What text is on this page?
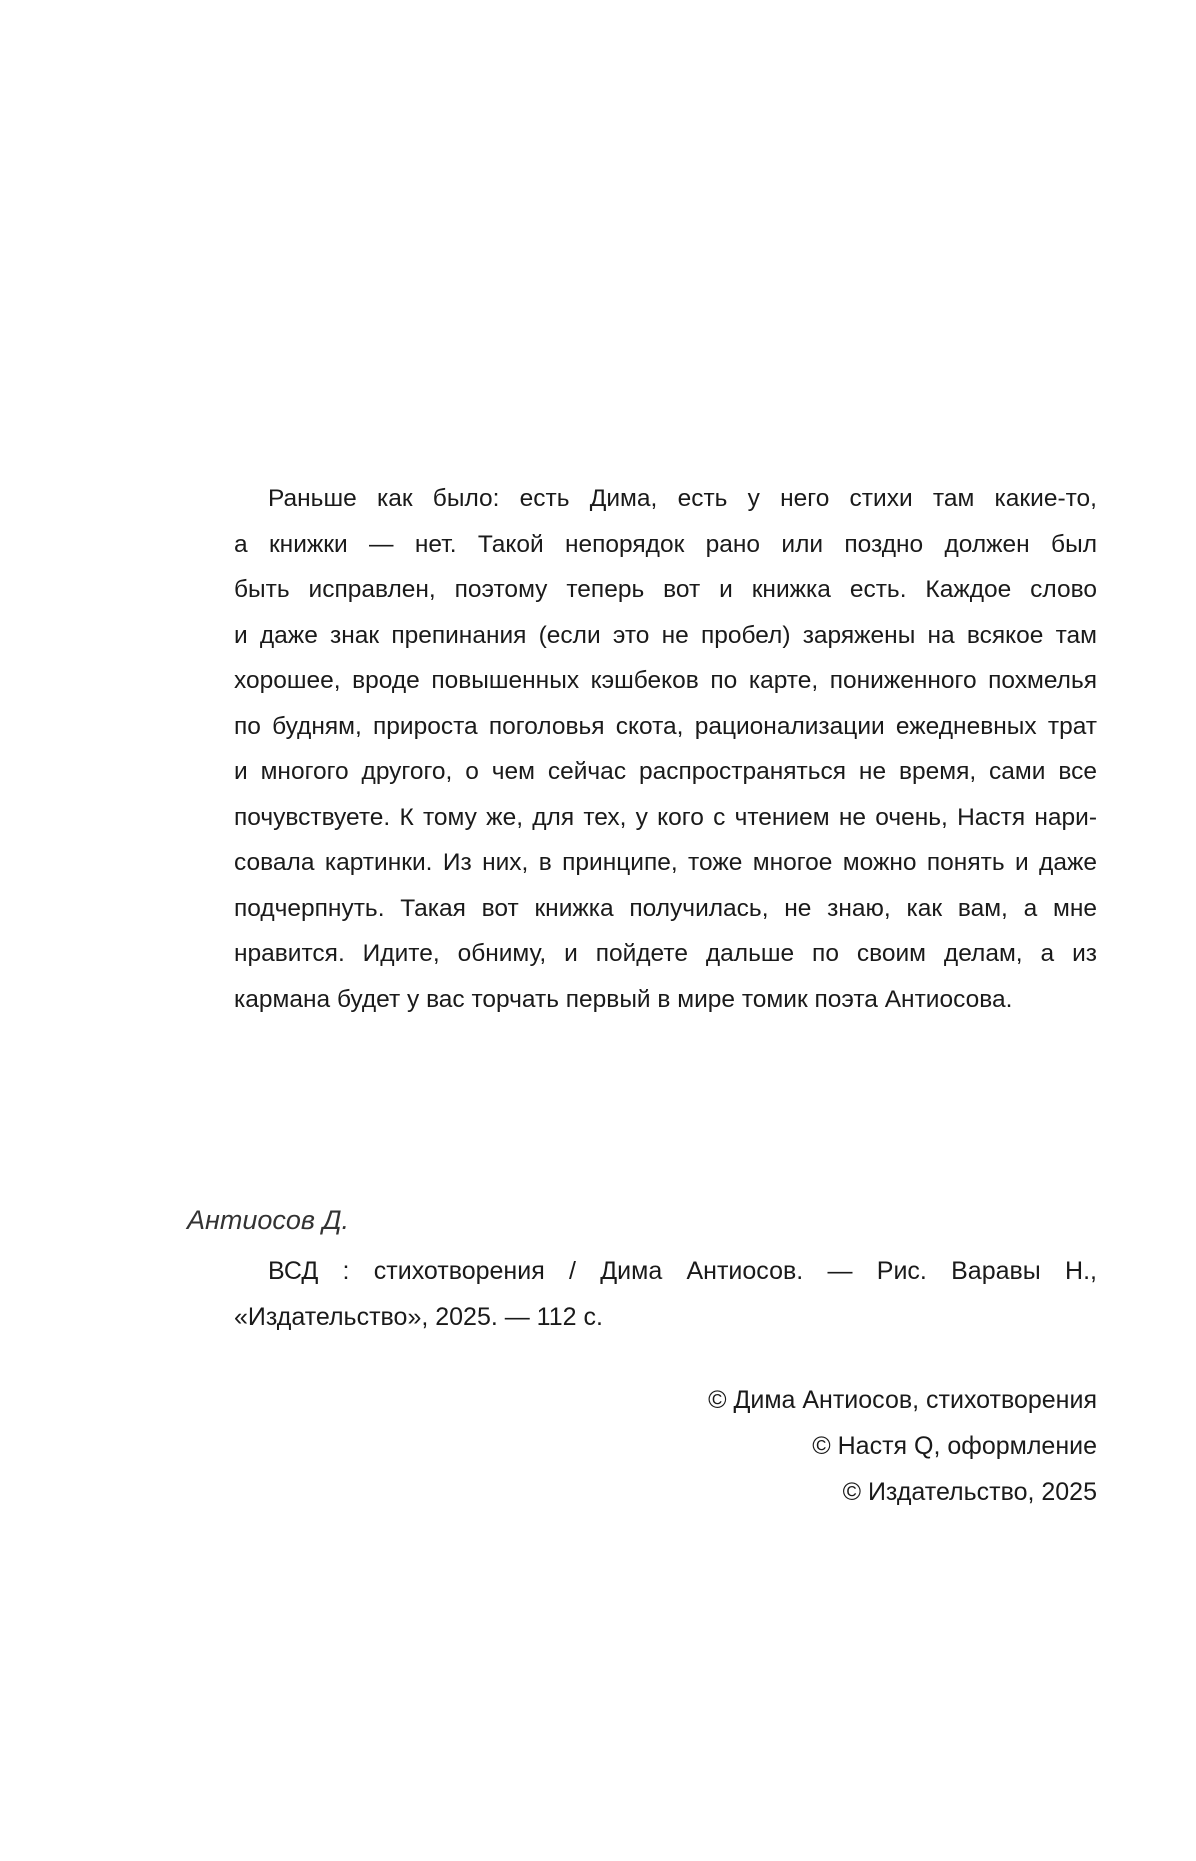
Раньше как было: есть Дима, есть у него стихи там какие-то,
а книжки — нет. Такой непорядок рано или поздно должен был
быть исправлен, поэтому теперь вот и книжка есть. Каждое слово
и даже знак препинания (если это не пробел) заряжены на всякое там
хорошее, вроде повышенных кэшбеков по карте, пониженного похмелья
по будням, прироста поголовья скота, рационализации ежедневных трат
и многого другого, о чем сейчас распространяться не время, сами все
почувствуете. К тому же, для тех, у кого с чтением не очень, Настя нари-
совала картинки. Из них, в принципе, тоже многое можно понять и даже
подчерпнуть. Такая вот книжка получилась, не знаю, как вам, а мне
нравится. Идите, обниму, и пойдете дальше по своим делам, а из
кармана будет у вас торчать первый в мире томик поэта Антиосова.
Антиосов Д.
ВСД : стихотворения / Дима Антиосов. — Рис. Варавы Н.,
«Издательство», 2025. — 112 с.
© Дима Антиосов, стихотворения
© Настя Q, оформление
© Издательство, 2025
